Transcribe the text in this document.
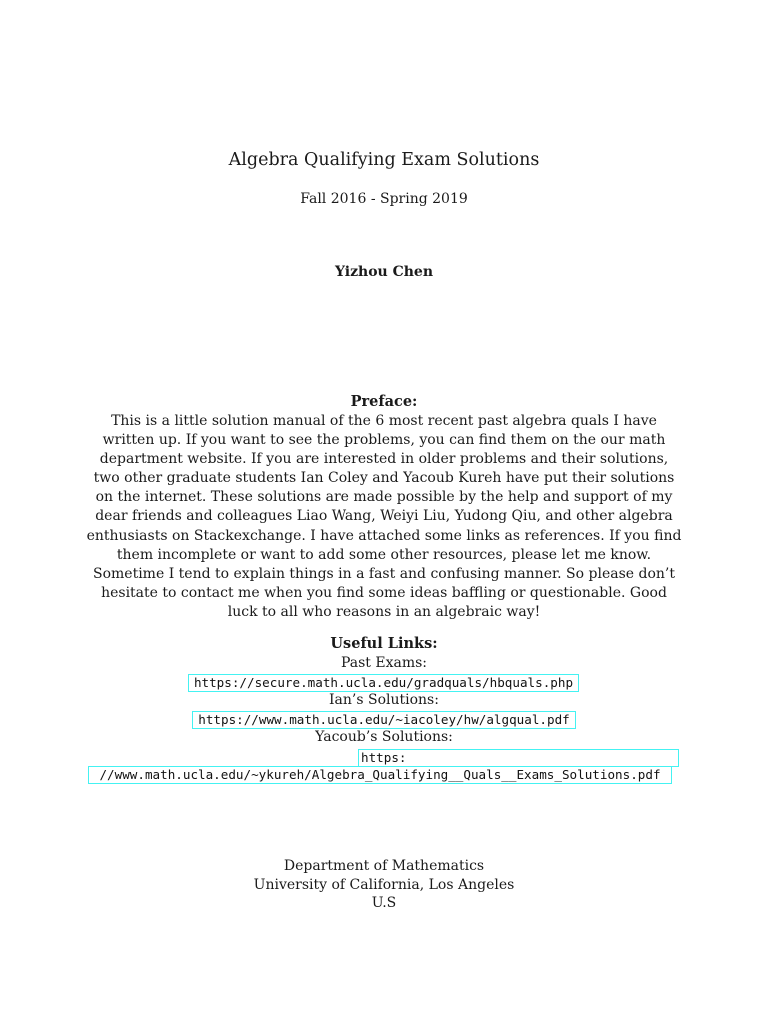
Algebra Qualifying Exam Solutions
Fall 2016 - Spring 2019
Yizhou Chen
Preface:
This is a little solution manual of the 6 most recent past algebra quals I have written up. If you want to see the problems, you can find them on the our math department website. If you are interested in older problems and their solutions, two other graduate students Ian Coley and Yacoub Kureh have put their solutions on the internet. These solutions are made possible by the help and support of my dear friends and colleagues Liao Wang, Weiyi Liu, Yudong Qiu, and other algebra enthusiasts on Stackexchange. I have attached some links as references. If you find them incomplete or want to add some other resources, please let me know. Sometime I tend to explain things in a fast and confusing manner. So please don’t hesitate to contact me when you find some ideas baffling or questionable. Good luck to all who reasons in an algebraic way!
Useful Links:
Past Exams:
https://secure.math.ucla.edu/gradquals/hbquals.php
Ian’s Solutions:
https://www.math.ucla.edu/~iacoley/hw/algqual.pdf
Yacoub’s Solutions:
https:
//www.math.ucla.edu/~ykureh/Algebra_Qualifying__Quals__Exams_Solutions.pdf
Department of Mathematics
University of California, Los Angeles
U.S
